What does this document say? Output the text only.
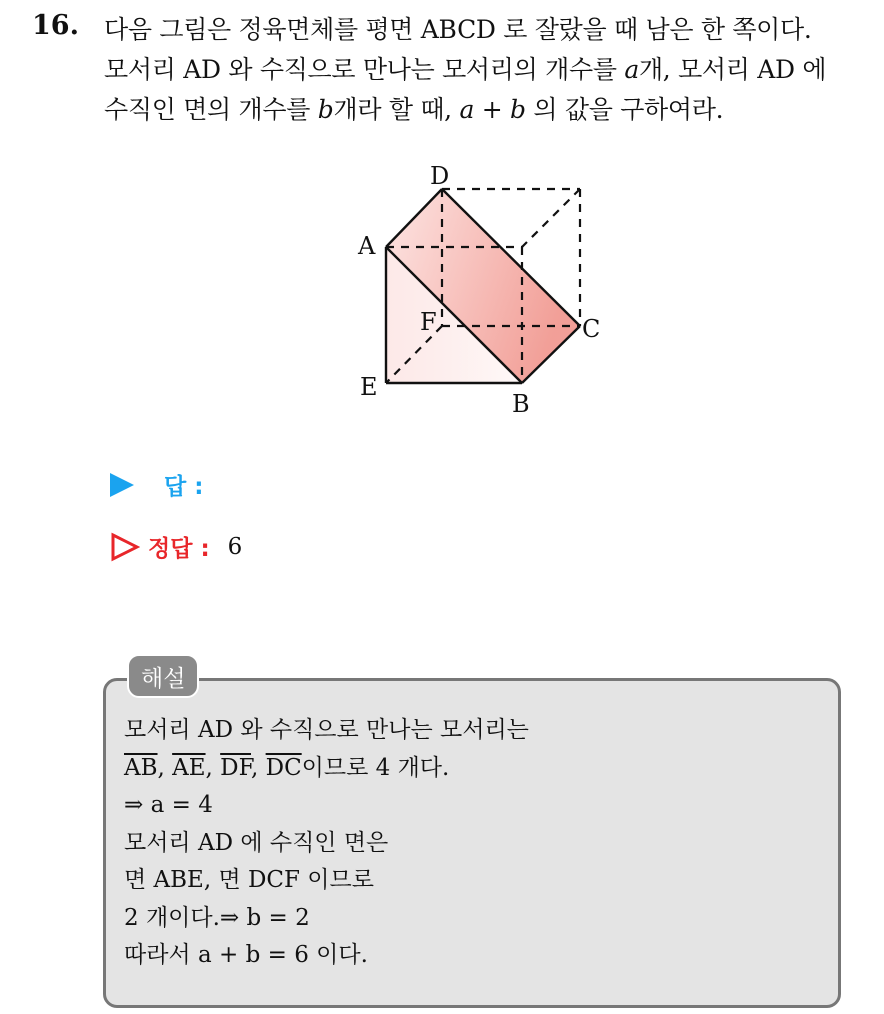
16. 다음 그림은 정육면체를 평면 ABCD 로 잘랐을 때 남은 한 쪽이다.
모서리 AD 와 수직으로 만나는 모서리의 개수를 a개, 모서리 AD 에
수직인 면의 개수를 b개라 할 때, a + b 의 값을 구하여라.
D
A
F	C
E
B
답 :
정답 : 6
해설
모서리 AD 와 수직으로 만나는 모서리는
$\overline{AB}$, $\overline{AE}$, $\overline{DF}$, $\overline{DC}$이므로 4 개다.
⇒ a = 4
모서리 AD 에 수직인 면은
면 ABE, 면 DCF 이므로
2 개이다.⇒ b = 2
따라서 a + b = 6 이다.
